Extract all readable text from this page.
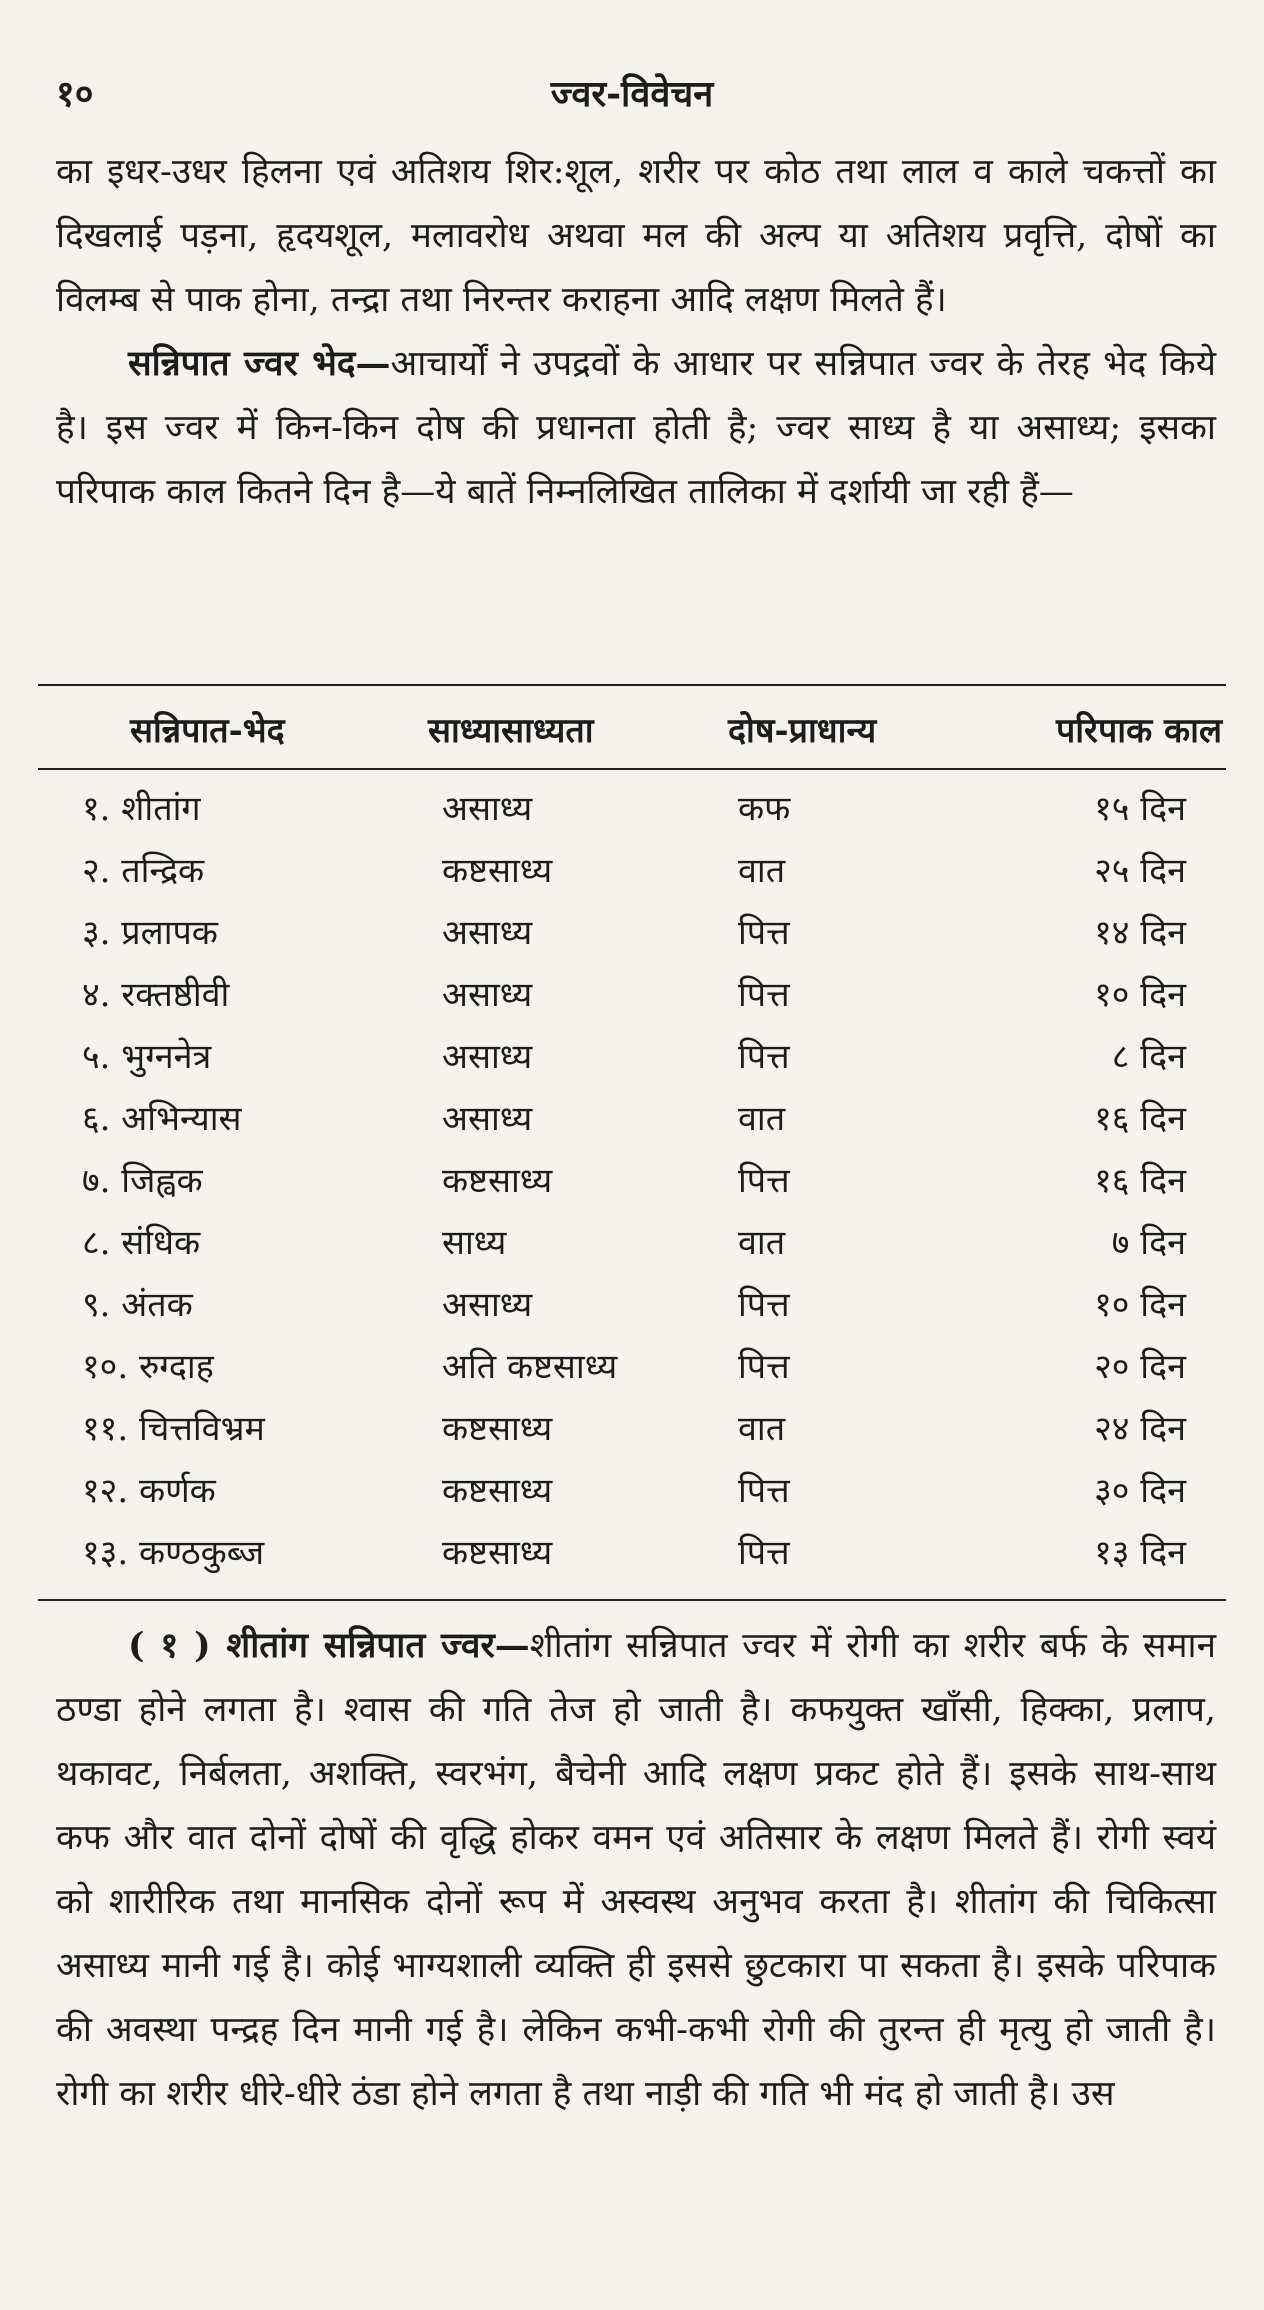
१०	ज्वर-विवेचन

का इधर-उधर हिलना एवं अतिशय शिर:शूल, शरीर पर कोठ तथा लाल व काले चकत्तों का दिखलाई पड़ना, हृदयशूल, मलावरोध अथवा मल की अल्प या अतिशय प्रवृत्ति, दोषों का विलम्ब से पाक होना, तन्द्रा तथा निरन्तर कराहना आदि लक्षण मिलते हैं।

सन्निपात ज्वर भेद—आचार्यों ने उपद्रवों के आधार पर सन्निपात ज्वर के तेरह भेद किये है। इस ज्वर में किन-किन दोष की प्रधानता होती है; ज्वर साध्य है या असाध्य; इसका परिपाक काल कितने दिन है—ये बातें निम्नलिखित तालिका में दर्शायी जा रही हैं—

सन्निपात-भेद	साध्यासाध्यता	दोष-प्राधान्य	परिपाक काल
१. शीतांग	असाध्य	कफ	१५ दिन
२. तन्द्रिक	कष्टसाध्य	वात	२५ दिन
३. प्रलापक	असाध्य	पित्त	१४ दिन
४. रक्तष्ठीवी	असाध्य	पित्त	१० दिन
५. भुग्ननेत्र	असाध्य	पित्त	८ दिन
६. अभिन्यास	असाध्य	वात	१६ दिन
७. जिह्वक	कष्टसाध्य	पित्त	१६ दिन
८. संधिक	साध्य	वात	७ दिन
९. अंतक	असाध्य	पित्त	१० दिन
१०. रुग्दाह	अति कष्टसाध्य	पित्त	२० दिन
११. चित्तविभ्रम	कष्टसाध्य	वात	२४ दिन
१२. कर्णक	कष्टसाध्य	पित्त	३० दिन
१३. कण्ठकुब्ज	कष्टसाध्य	पित्त	१३ दिन

( १ ) शीतांग सन्निपात ज्वर—शीतांग सन्निपात ज्वर में रोगी का शरीर बर्फ के समान ठण्डा होने लगता है। श्वास की गति तेज हो जाती है। कफयुक्त खाँसी, हिक्का, प्रलाप, थकावट, निर्बलता, अशक्ति, स्वरभंग, बैचेनी आदि लक्षण प्रकट होते हैं। इसके साथ-साथ कफ और वात दोनों दोषों की वृद्धि होकर वमन एवं अतिसार के लक्षण मिलते हैं। रोगी स्वयं को शारीरिक तथा मानसिक दोनों रूप में अस्वस्थ अनुभव करता है। शीतांग की चिकित्सा असाध्य मानी गई है। कोई भाग्यशाली व्यक्ति ही इससे छुटकारा पा सकता है। इसके परिपाक की अवस्था पन्द्रह दिन मानी गई है। लेकिन कभी-कभी रोगी की तुरन्त ही मृत्यु हो जाती है। रोगी का शरीर धीरे-धीरे ठंडा होने लगता है तथा नाड़ी की गति भी मंद हो जाती है। उस
